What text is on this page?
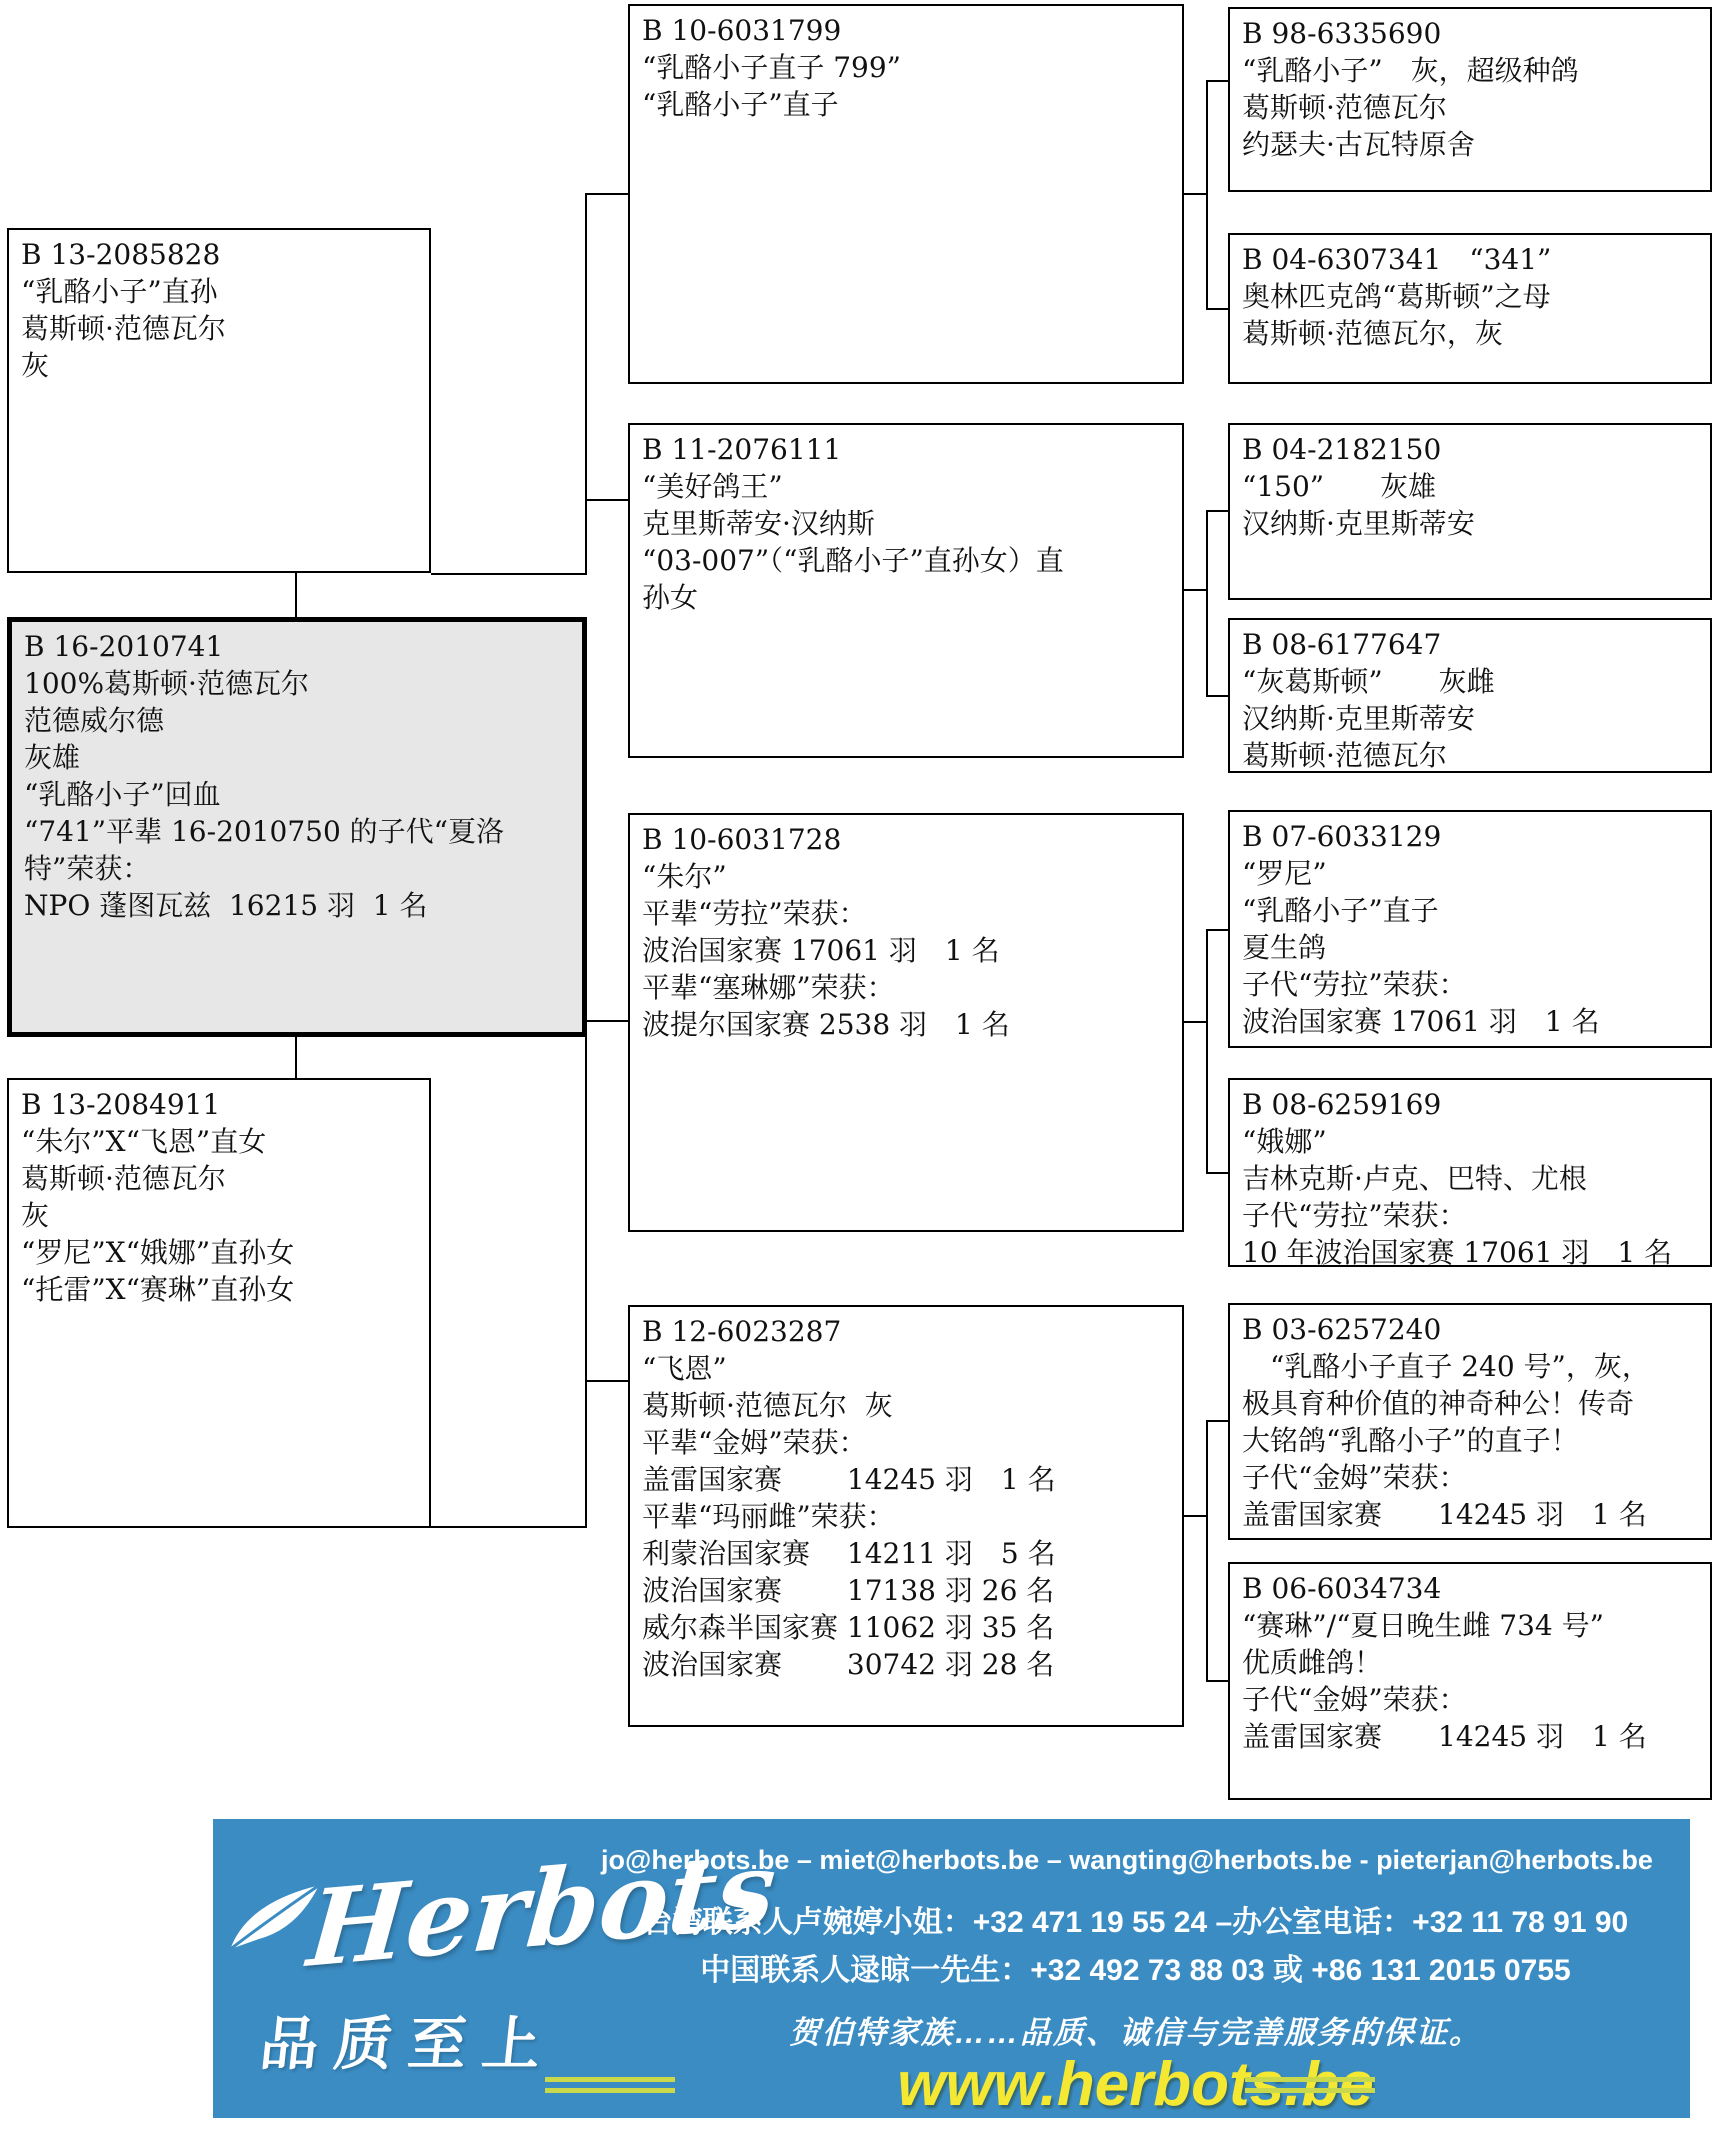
B 13-2085828
“乳酪小子”直孙
葛斯顿·范德瓦尔
灰
B 16-2010741
100%葛斯顿·范德瓦尔
范德威尔德
灰雄
“乳酪小子”回血
“741”平辈 16-2010750 的子代“夏洛
特”荣获：
NPO 蓬图瓦兹  16215 羽  1 名
B 13-2084911
“朱尔”X“飞恩”直女
葛斯顿·范德瓦尔
灰
“罗尼”X“娥娜”直孙女
“托雷”X“赛琳”直孙女
B 10-6031799
“乳酪小子直子 799”
“乳酪小子”直子
B 11-2076111
“美好鸽王”
克里斯蒂安·汉纳斯
“03-007”（“乳酪小子”直孙女）直
孙女
B 10-6031728
“朱尔”
平辈“劳拉”荣获：
波治国家赛 17061 羽　1 名
平辈“塞琳娜”荣获：
波提尔国家赛 2538 羽　1 名
B 12-6023287
“飞恩”
葛斯顿·范德瓦尔  灰
平辈“金姆”荣获：
盖雷国家赛　　 14245 羽　1 名
平辈“玛丽雌”荣获：
利蒙治国家赛　 14211 羽　5 名
波治国家赛　　 17138 羽 26 名
威尔森半国家赛 11062 羽 35 名
波治国家赛　　 30742 羽 28 名
B 98-6335690
“乳酪小子”　灰，超级种鸽
葛斯顿·范德瓦尔
约瑟夫·古瓦特原舍
B 04-6307341　“341”
奥林匹克鸽“葛斯顿”之母
葛斯顿·范德瓦尔，灰
B 04-2182150
“150”　　灰雄
汉纳斯·克里斯蒂安
B 08-6177647
“灰葛斯顿”　　灰雌
汉纳斯·克里斯蒂安
葛斯顿·范德瓦尔
B 07-6033129
“罗尼”
“乳酪小子”直子
夏生鸽
子代“劳拉”荣获：
波治国家赛 17061 羽　1 名
B 08-6259169
“娥娜”
吉林克斯·卢克、巴特、尤根
子代“劳拉”荣获：
10 年波治国家赛 17061 羽　1 名
B 03-6257240
　“乳酪小子直子 240 号”，灰，
极具育种价值的神奇种公！传奇
大铭鸽“乳酪小子”的直子！
子代“金姆”荣获：
盖雷国家赛　　14245 羽　1 名
B 06-6034734
“赛琳”/“夏日晚生雌 734 号”
优质雌鸽！
子代“金姆”荣获：
盖雷国家赛　　14245 羽　1 名
Herbots
品质至上
jo@herbots.be – miet@herbots.be – wangting@herbots.be - pieterjan@herbots.be
台湾联系人卢婉婷小姐：+32 471 19 55 24 –办公室电话：+32 11 78 91 90
中国联系人逯晾一先生：+32 492 73 88 03 或 +86 131 2015 0755
贺伯特家族……品质、诚信与完善服务的保证。
www.herbots.be
